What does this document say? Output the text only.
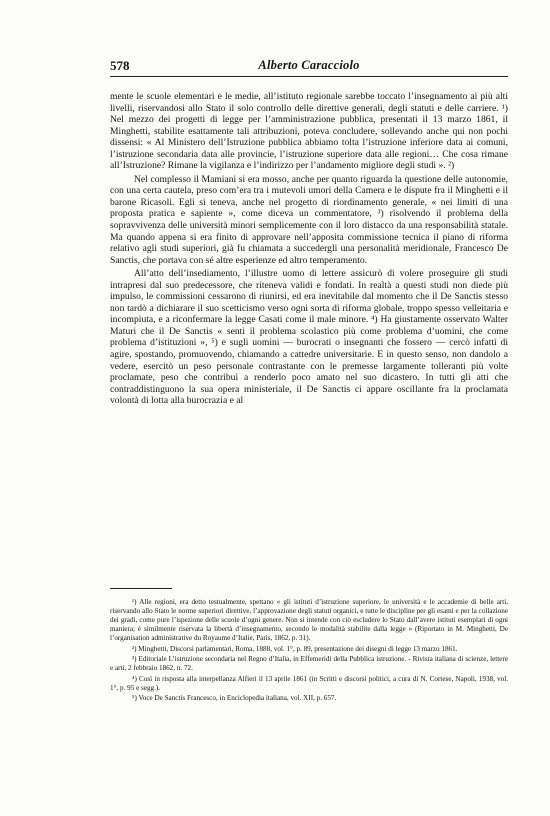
578	Alberto Caracciolo

mente le scuole elementari e le medie, all’istituto regionale sarebbe toccato l’insegnamento ai più alti livelli, riservandosi allo Stato il solo controllo delle direttive generali, degli statuti e delle carriere. ¹) Nel mezzo dei progetti di legge per l’amministrazione pubblica, presentati il 13 marzo 1861, il Minghetti, stabilite esattamente tali attribuzioni, poteva concludere, sollevando anche qui non pochi dissensi: « Al Ministero dell’Istruzione pubblica abbiamo tolta l’istruzione inferiore data ai comuni, l’istruzione secondaria data alle provincie, l’istruzione superiore data alle regioni… Che cosa rimane all’Istruzione? Rimane la vigilanza e l’indirizzo per l’andamento migliore degli studi ». ²)

Nel complesso il Mamiani si era mosso, anche per quanto riguarda la questione delle autonomie, con una certa cautela, preso com’era tra i mutevoli umori della Camera e le dispute fra il Minghetti e il barone Ricasoli. Egli si teneva, anche nel progetto di riordinamento generale, « nei limiti di una proposta pratica e sapiente », come diceva un commentatore, ³) risolvendo il problema della sopravvivenza delle università minori semplicemente con il loro distacco da una responsabilità statale. Ma quando appena si era finito di approvare nell’apposita commissione tecnica il piano di riforma relativo agli studi superiori, già fu chiamata a succedergli una personalità meridionale, Francesco De Sanctis, che portava con sé altre esperienze ed altro temperamento.

All’atto dell’insediamento, l’illustre uomo di lettere assicurò di volere proseguire gli studi intrapresi dal suo predecessore, che riteneva validi e fondati. In realtà a questi studi non diede più impulso, le commissioni cessarono di riunirsi, ed era inevitabile dal momento che il De Sanctis stesso non tardò a dichiarare il suo scetticismo verso ogni sorta di riforma globale, troppo spesso velleitaria e incompiuta, e a riconfermare la legge Casati come il male minore. ⁴) Ha giustamente osservato Walter Maturi che il De Sanctis « sentì il problema scolastico più come problema d’uomini, che come problema d’istituzioni », ⁵) e sugli uomini — burocrati o insegnanti che fossero — cercò infatti di agire, spostando, promuovendo, chiamando a cattedre universitarie. E in questo senso, non dandolo a vedere, esercitò un peso personale contrastante con le premesse largamente tolleranti più volte proclamate, peso che contribuì a renderlo poco amato nel suo dicastero. In tutti gli atti che contraddistinguono la sua opera ministeriale, il De Sanctis ci appare oscillante fra la proclamata volontà di lotta alla burocrazia e al

¹) Alle regioni, era detto testualmente, spettano « gli istituti d’istruzione superiore, le università e le accademie di belle arti, riservando allo Stato le norme superiori direttive, l’approvazione degli statuti organici, e tutte le discipline per gli esami e per la collazione dei gradi, come pure l’ispezione delle scuole d’ogni genere. Non si intende con ciò escludere lo Stato dall’avere istituti esemplari di ogni maniera; è similmente riservata la libertà d’insegnamento, secondo le modalità stabilite dalla legge » (Riportato in M. Minghetti, De l’organisation administrative du Royaume d’Italie, Paris, 1862, p. 31).

²) Minghetti, Discorsi parlamentari, Roma, 1888, vol. 1°, p. 89, presentazione dei disegni di legge 13 marzo 1861.

³) Editoriale L’istruzione secondaria nel Regno d’Italia, in Effemeridi della Pubblica istruzione. - Rivista italiana di scienze, lettere e arti, 2 febbraio 1862, n. 72.

⁴) Così in risposta alla interpellanza Alfieri il 13 aprile 1861 (in Scritti e discorsi politici, a cura di N. Cortese, Napoli, 1938, vol. 1°, p. 95 e segg.).

⁵) Voce De Sanctis Francesco, in Enciclopedia italiana, vol. XII, p. 657.
